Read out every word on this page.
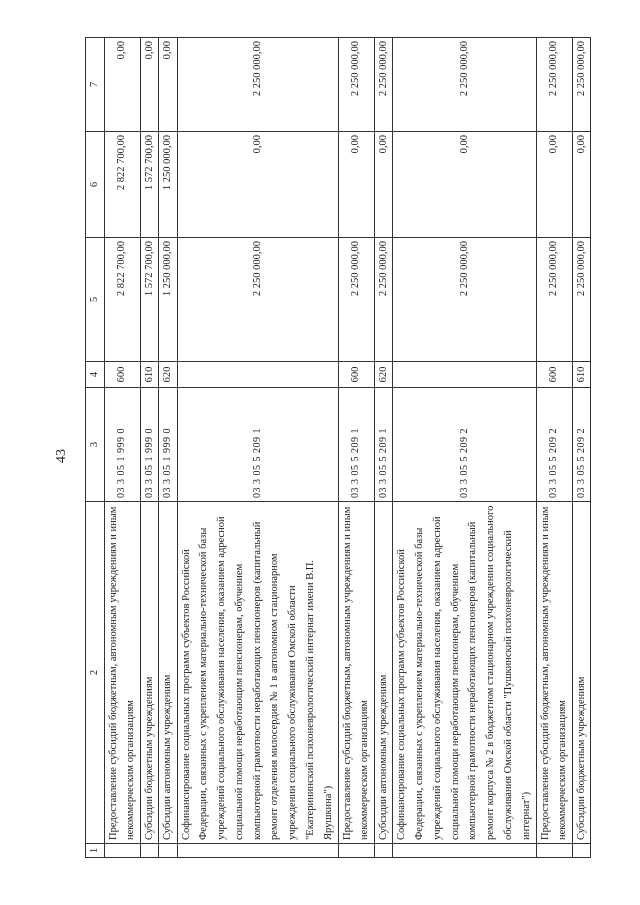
43
1	2	3	4	5	6	7
	Предоставление субсидий бюджетным, автономным учреждениям и иным некоммерческим организациям	03 3 05 1 999 0	600	2 822 700,00	2 822 700,00	0,00
	Субсидии бюджетным учреждениям	03 3 05 1 999 0	610	1 572 700,00	1 572 700,00	0,00
	Субсидии автономным учреждениям	03 3 05 1 999 0	620	1 250 000,00	1 250 000,00	0,00
	Софинансирование социальных программ субъектов Российской Федерации, связанных с укреплением материально-технической базы учреждений социального обслуживания населения, оказанием адресной социальной помощи неработающим пенсионерам, обучением компьютерной грамотности неработающих пенсионеров (капитальный ремонт отделения милосердия № 1 в автономном стационарном учреждении социального обслуживания Омской области "Екатерининский психоневрологический интернат имени В.П. Ярушкина")	03 3 05 5 209 1		2 250 000,00	0,00	2 250 000,00
	Предоставление субсидий бюджетным, автономным учреждениям и иным некоммерческим организациям	03 3 05 5 209 1	600	2 250 000,00	0,00	2 250 000,00
	Субсидии автономным учреждениям	03 3 05 5 209 1	620	2 250 000,00	0,00	2 250 000,00
	Софинансирование социальных программ субъектов Российской Федерации, связанных с укреплением материально-технической базы учреждений социального обслуживания населения, оказанием адресной социальной помощи неработающим пенсионерам, обучением компьютерной грамотности неработающих пенсионеров (капитальный ремонт корпуса № 2 в бюджетном стационарном учреждении социального обслуживания Омской области "Пушкинский психоневрологический интернат")	03 3 05 5 209 2		2 250 000,00	0,00	2 250 000,00
	Предоставление субсидий бюджетным, автономным учреждениям и иным некоммерческим организациям	03 3 05 5 209 2	600	2 250 000,00	0,00	2 250 000,00
	Субсидии бюджетным учреждениям	03 3 05 5 209 2	610	2 250 000,00	0,00	2 250 000,00
